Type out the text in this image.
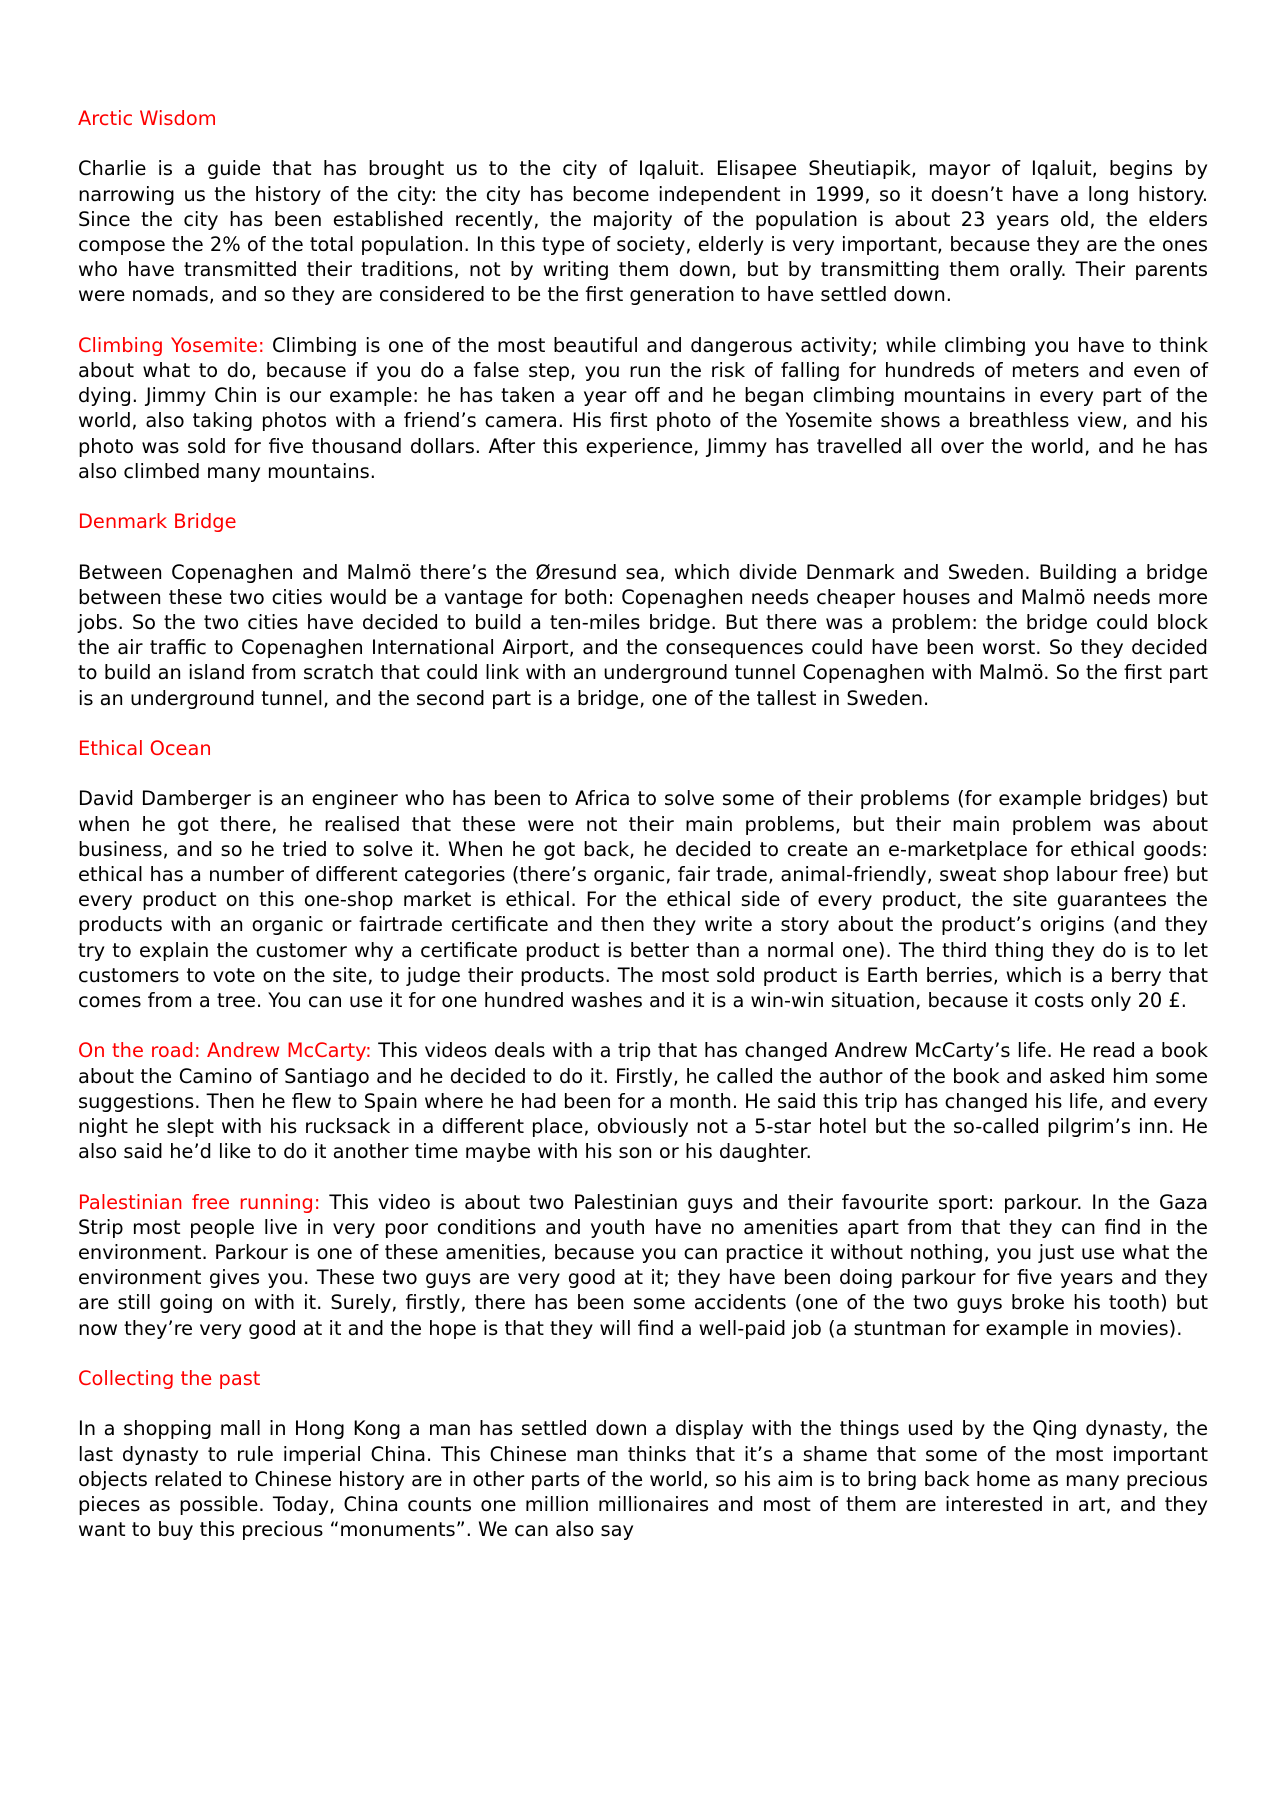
Arctic Wisdom

Charlie is a guide that has brought us to the city of Iqaluit. Elisapee Sheutiapik, mayor of Iqaluit, begins by narrowing us the history of the city: the city has become independent in 1999, so it doesn’t have a long history. Since the city has been established recently, the majority of the population is about 23 years old, the elders compose the 2% of the total population. In this type of society, elderly is very important, because they are the ones who have transmitted their traditions, not by writing them down, but by transmitting them orally. Their parents were nomads, and so they are considered to be the first generation to have settled down.

Climbing Yosemite: Climbing is one of the most beautiful and dangerous activity; while climbing you have to think about what to do, because if you do a false step, you run the risk of falling for hundreds of meters and even of dying. Jimmy Chin is our example: he has taken a year off and he began climbing mountains in every part of the world, also taking photos with a friend’s camera. His first photo of the Yosemite shows a breathless view, and his photo was sold for five thousand dollars. After this experience, Jimmy has travelled all over the world, and he has also climbed many mountains.

Denmark Bridge

Between Copenaghen and Malmö there’s the Øresund sea, which divide Denmark and Sweden. Building a bridge between these two cities would be a vantage for both: Copenaghen needs cheaper houses and Malmö needs more jobs. So the two cities have decided to build a ten-miles bridge. But there was a problem: the bridge could block the air traffic to Copenaghen International Airport, and the consequences could have been worst. So they decided to build an island from scratch that could link with an underground tunnel Copenaghen with Malmö. So the first part is an underground tunnel, and the second part is a bridge, one of the tallest in Sweden.

Ethical Ocean

David Damberger is an engineer who has been to Africa to solve some of their problems (for example bridges) but when he got there, he realised that these were not their main problems, but their main problem was about business, and so he tried to solve it. When he got back, he decided to create an e-marketplace for ethical goods: ethical has a number of different categories (there’s organic, fair trade, animal-friendly, sweat shop labour free) but every product on this one-shop market is ethical. For the ethical side of every product, the site guarantees the products with an organic or fairtrade certificate and then they write a story about the product’s origins (and they try to explain the customer why a certificate product is better than a normal one). The third thing they do is to let customers to vote on the site, to judge their products. The most sold product is Earth berries, which is a berry that comes from a tree. You can use it for one hundred washes and it is a win-win situation, because it costs only 20 £.

On the road: Andrew McCarty: This videos deals with a trip that has changed Andrew McCarty’s life. He read a book about the Camino of Santiago and he decided to do it. Firstly, he called the author of the book and asked him some suggestions. Then he flew to Spain where he had been for a month. He said this trip has changed his life, and every night he slept with his rucksack in a different place, obviously not a 5-star hotel but the so-called pilgrim’s inn. He also said he’d like to do it another time maybe with his son or his daughter.

Palestinian free running: This video is about two Palestinian guys and their favourite sport: parkour. In the Gaza Strip most people live in very poor conditions and youth have no amenities apart from that they can find in the environment. Parkour is one of these amenities, because you can practice it without nothing, you just use what the environment gives you. These two guys are very good at it; they have been doing parkour for five years and they are still going on with it. Surely, firstly, there has been some accidents (one of the two guys broke his tooth) but now they’re very good at it and the hope is that they will find a well-paid job (a stuntman for example in movies).

Collecting the past

In a shopping mall in Hong Kong a man has settled down a display with the things used by the Qing dynasty, the last dynasty to rule imperial China. This Chinese man thinks that it’s a shame that some of the most important objects related to Chinese history are in other parts of the world, so his aim is to bring back home as many precious pieces as possible. Today, China counts one million millionaires and most of them are interested in art, and they want to buy this precious “monuments”. We can also say
